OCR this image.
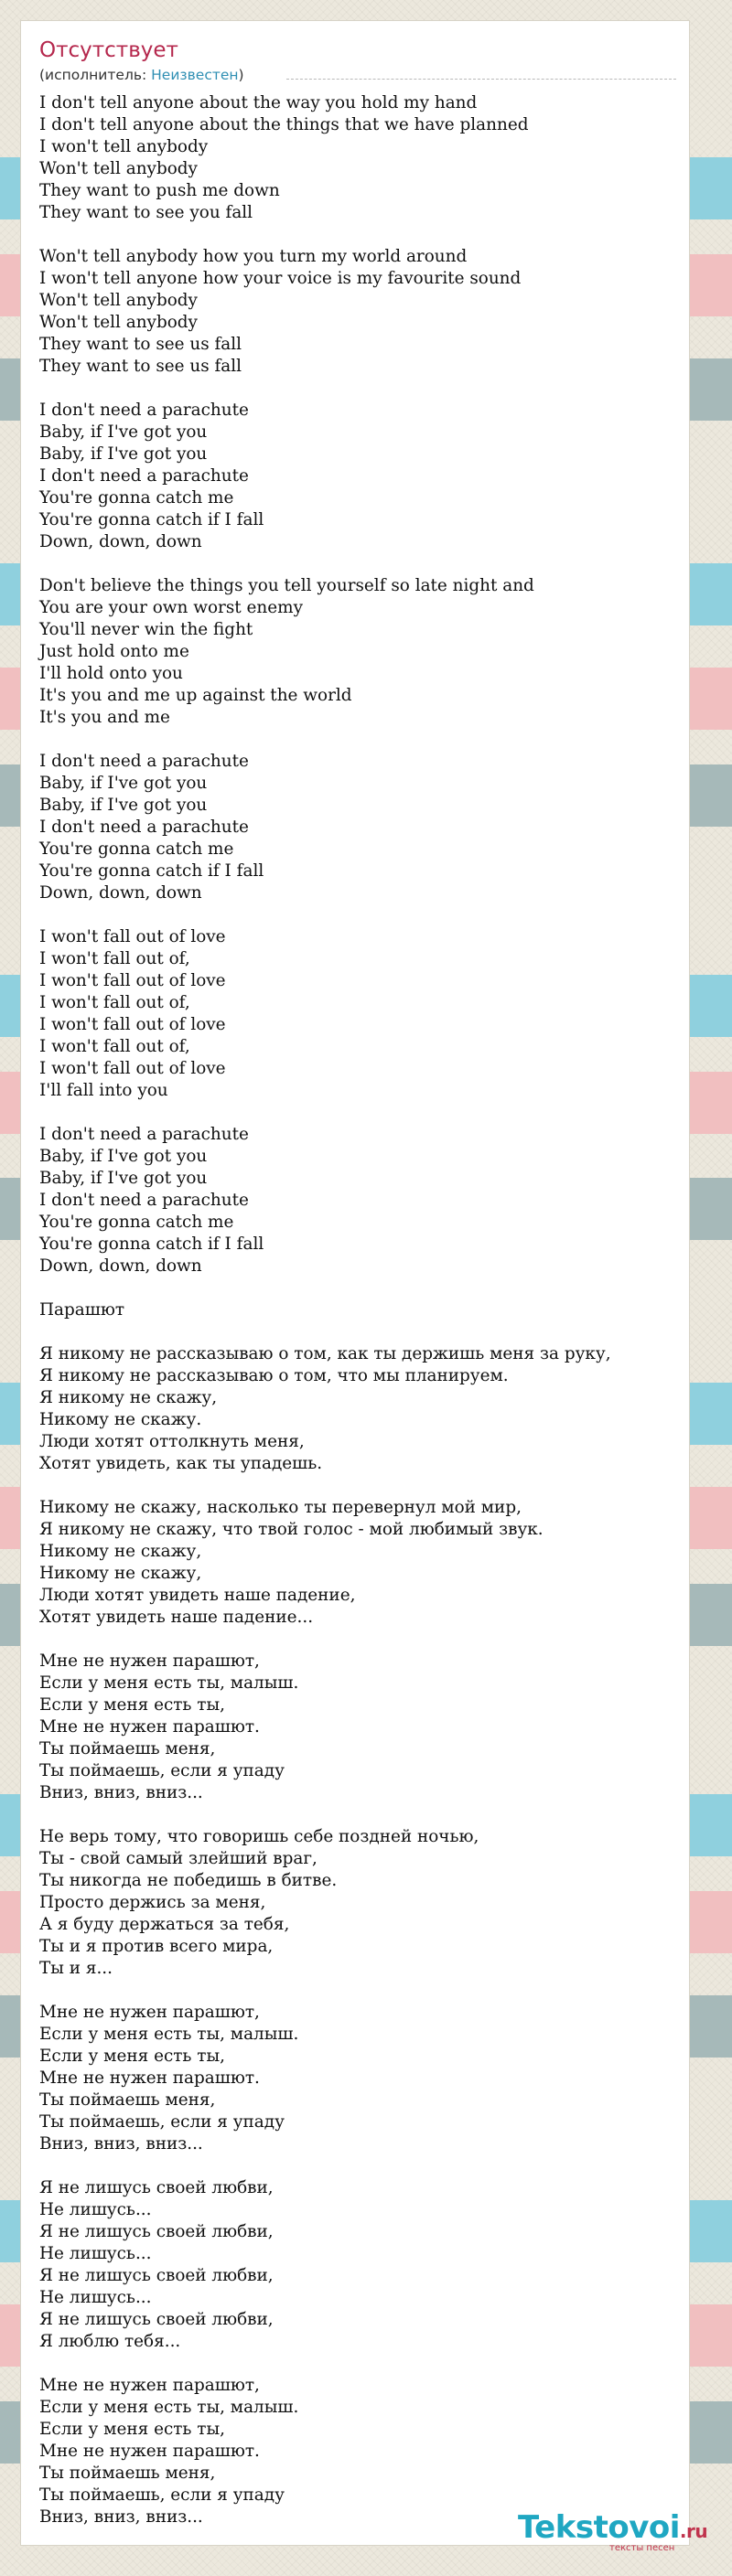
Отсутствует
(исполнитель: Неизвестен)
I don't tell anyone about the way you hold my hand
I don't tell anyone about the things that we have planned
I won't tell anybody
Won't tell anybody
They want to push me down
They want to see you fall

Won't tell anybody how you turn my world around
I won't tell anyone how your voice is my favourite sound
Won't tell anybody
Won't tell anybody
They want to see us fall
They want to see us fall

I don't need a parachute
Baby, if I've got you
Baby, if I've got you
I don't need a parachute
You're gonna catch me
You're gonna catch if I fall
Down, down, down

Don't believe the things you tell yourself so late night and
You are your own worst enemy
You'll never win the fight
Just hold onto me
I'll hold onto you
It's you and me up against the world
It's you and me

I don't need a parachute
Baby, if I've got you
Baby, if I've got you
I don't need a parachute
You're gonna catch me
You're gonna catch if I fall
Down, down, down

I won't fall out of love
I won't fall out of,
I won't fall out of love
I won't fall out of,
I won't fall out of love
I won't fall out of,
I won't fall out of love
I'll fall into you

I don't need a parachute
Baby, if I've got you
Baby, if I've got you
I don't need a parachute
You're gonna catch me
You're gonna catch if I fall
Down, down, down

Парашют

Я никому не рассказываю о том, как ты держишь меня за руку,
Я никому не рассказываю о том, что мы планируем.
Я никому не скажу,
Никому не скажу.
Люди хотят оттолкнуть меня,
Хотят увидеть, как ты упадешь.

Никому не скажу, насколько ты перевернул мой мир,
Я никому не скажу, что твой голос - мой любимый звук.
Никому не скажу,
Никому не скажу,
Люди хотят увидеть наше падение,
Хотят увидеть наше падение...

Мне не нужен парашют,
Если у меня есть ты, малыш.
Если у меня есть ты,
Мне не нужен парашют.
Ты поймаешь меня,
Ты поймаешь, если я упаду
Вниз, вниз, вниз...

Не верь тому, что говоришь себе поздней ночью,
Ты - свой самый злейший враг,
Ты никогда не победишь в битве.
Просто держись за меня,
А я буду держаться за тебя,
Ты и я против всего мира,
Ты и я...

Мне не нужен парашют,
Если у меня есть ты, малыш.
Если у меня есть ты,
Мне не нужен парашют.
Ты поймаешь меня,
Ты поймаешь, если я упаду
Вниз, вниз, вниз...

Я не лишусь своей любви,
Не лишусь...
Я не лишусь своей любви,
Не лишусь...
Я не лишусь своей любви,
Не лишусь...
Я не лишусь своей любви,
Я люблю тебя...

Мне не нужен парашют,
Если у меня есть ты, малыш.
Если у меня есть ты,
Мне не нужен парашют.
Ты поймаешь меня,
Ты поймаешь, если я упаду
Вниз, вниз, вниз...	Tekstovoi.ru
тексты песен
